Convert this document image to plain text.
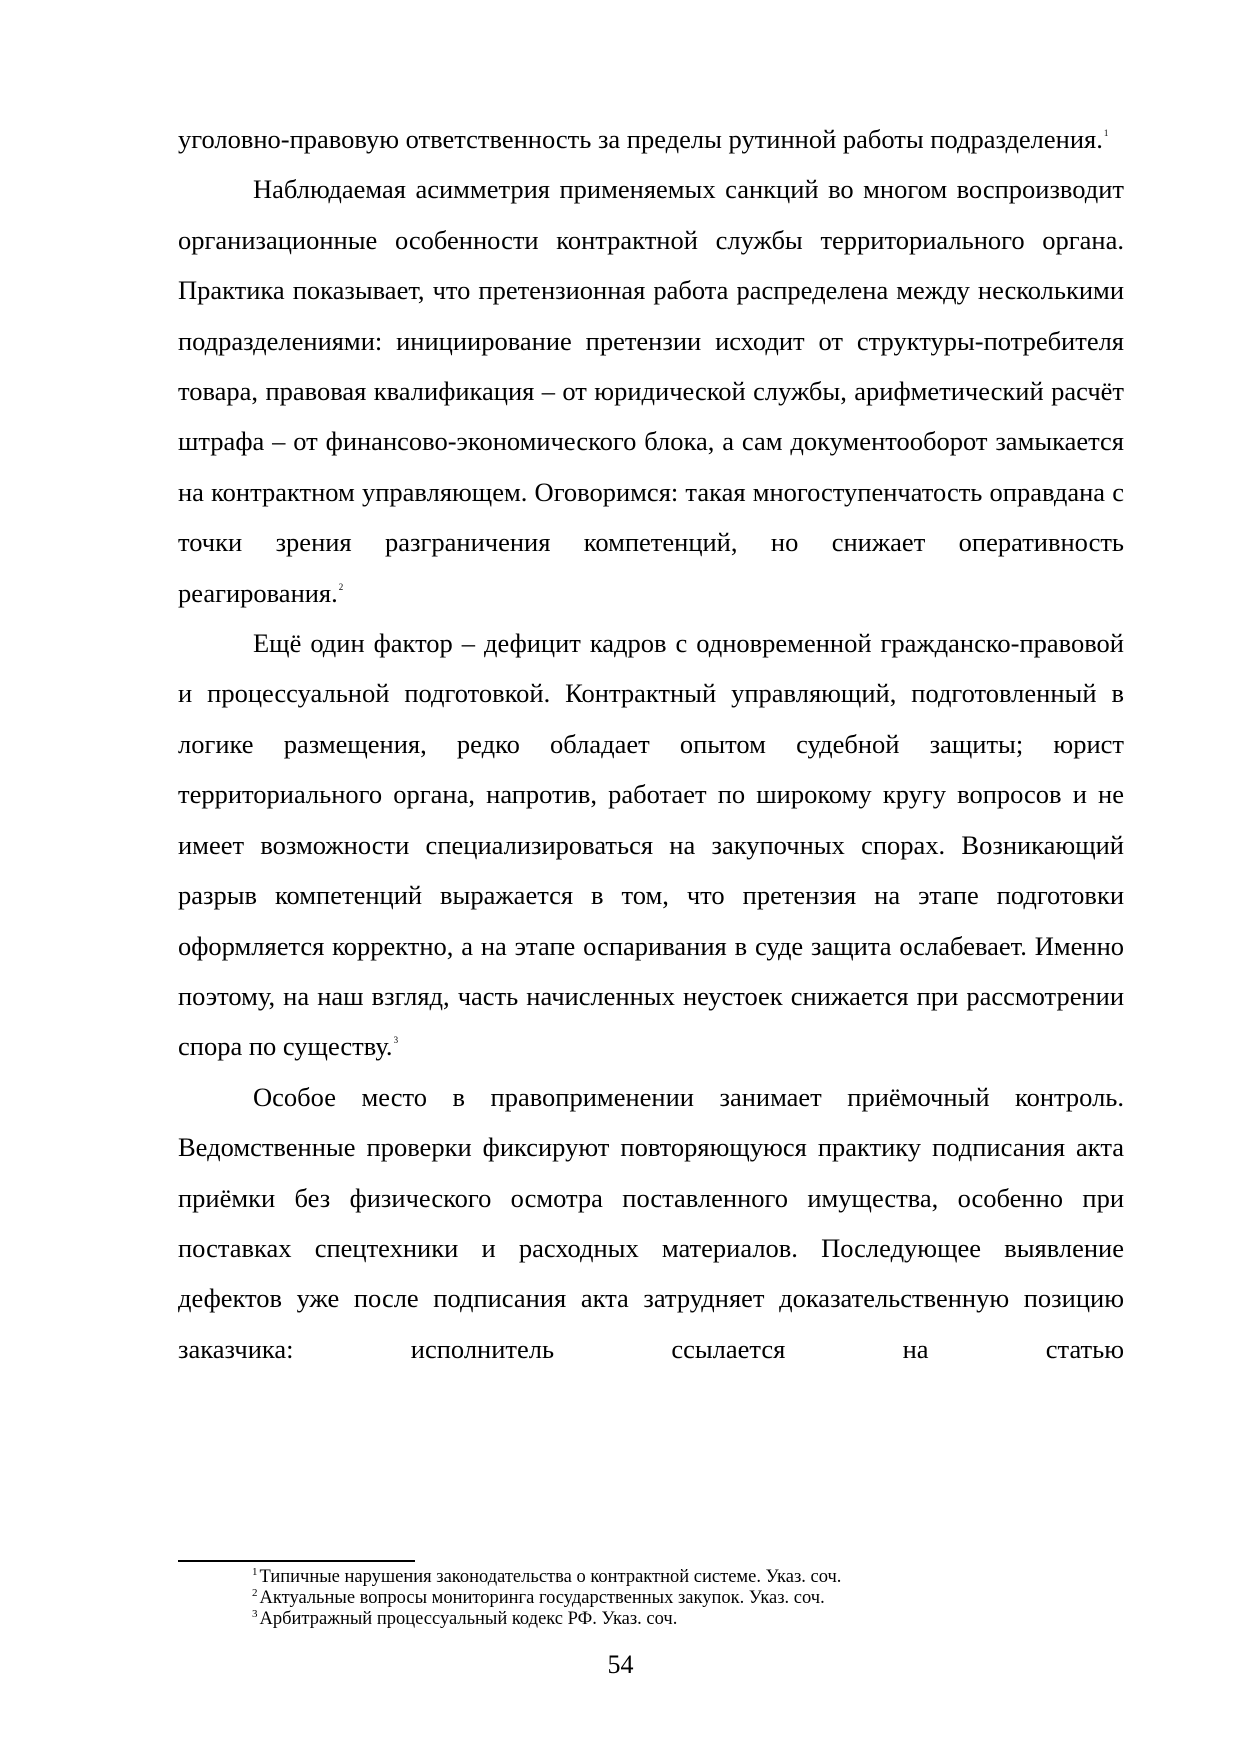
уголовно-правовую ответственность за пределы рутинной работы подразделения.$^1$

Наблюдаемая асимметрия применяемых санкций во многом воспроизводит организационные особенности контрактной службы территориального органа. Практика показывает, что претензионная работа распределена между несколькими подразделениями: инициирование претензии исходит от структуры-потребителя товара, правовая квалификация – от юридической службы, арифметический расчёт штрафа – от финансово-экономического блока, а сам документооборот замыкается на контрактном управляющем. Оговоримся: такая многоступенчатость оправдана с точки зрения разграничения компетенций, но снижает оперативность реагирования.$^2$

Ещё один фактор – дефицит кадров с одновременной гражданско-правовой и процессуальной подготовкой. Контрактный управляющий, подготовленный в логике размещения, редко обладает опытом судебной защиты; юрист территориального органа, напротив, работает по широкому кругу вопросов и не имеет возможности специализироваться на закупочных спорах. Возникающий разрыв компетенций выражается в том, что претензия на этапе подготовки оформляется корректно, а на этапе оспаривания в суде защита ослабевает. Именно поэтому, на наш взгляд, часть начисленных неустоек снижается при рассмотрении спора по существу.$^3$

Особое место в правоприменении занимает приёмочный контроль. Ведомственные проверки фиксируют повторяющуюся практику подписания акта приёмки без физического осмотра поставленного имущества, особенно при поставках спецтехники и расходных материалов. Последующее выявление дефектов уже после подписания акта затрудняет доказательственную позицию заказчика: исполнитель ссылается на статью

$^1$ Типичные нарушения законодательства о контрактной системе. Указ. соч.
$^2$ Актуальные вопросы мониторинга государственных закупок. Указ. соч.
$^3$ Арбитражный процессуальный кодекс РФ. Указ. соч.
54
